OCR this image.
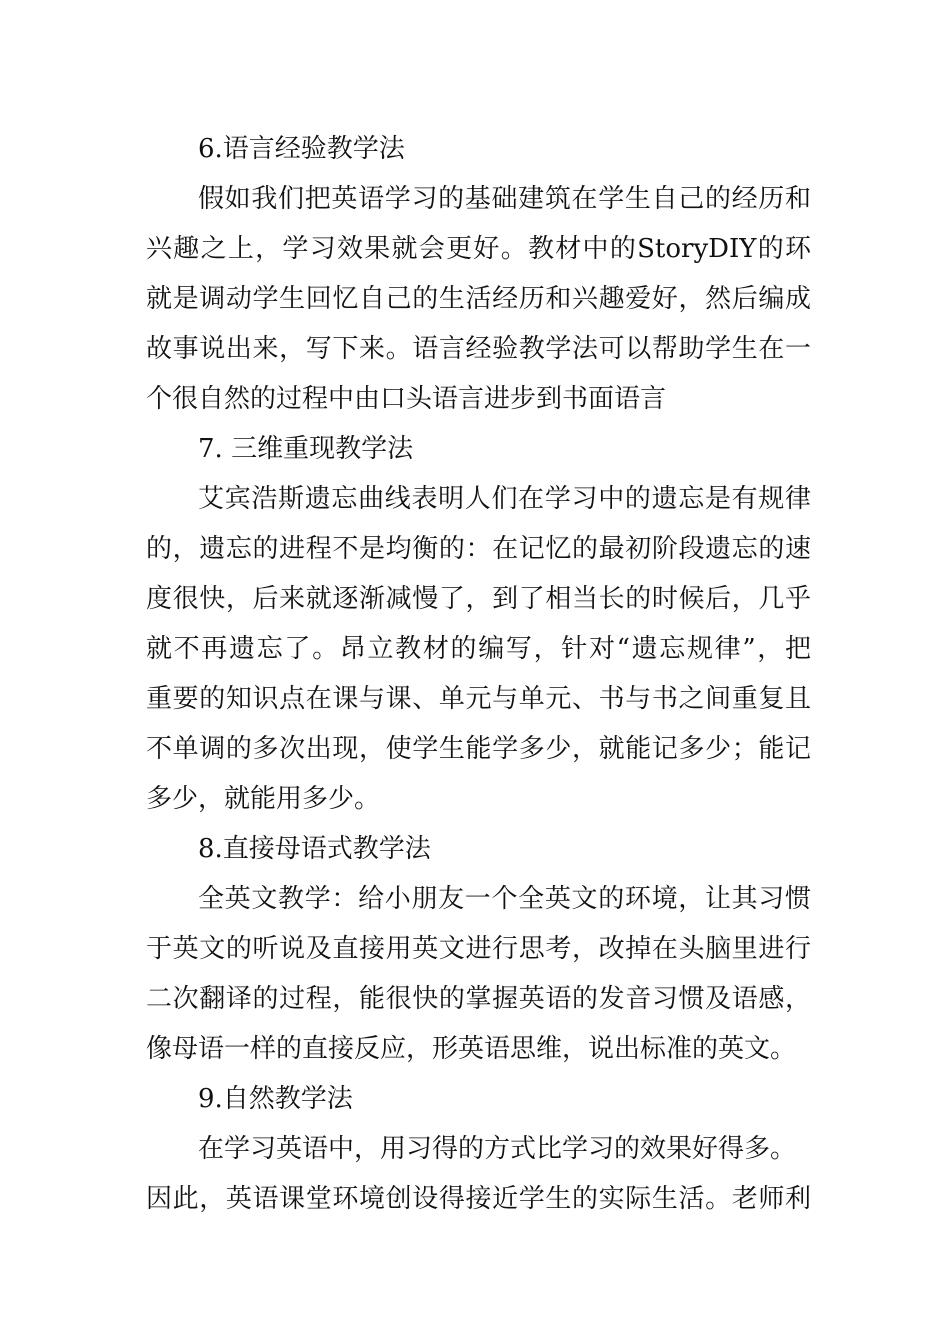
6.语言经验教学法
假如我们把英语学习的基础建筑在学生自己的经历和
兴趣之上，学习效果就会更好。教材中的StoryDIY的环
就是调动学生回忆自己的生活经历和兴趣爱好，然后编成
故事说出来，写下来。语言经验教学法可以帮助学生在一
个很自然的过程中由口头语言进步到书面语言
7. 三维重现教学法
艾宾浩斯遗忘曲线表明人们在学习中的遗忘是有规律
的，遗忘的进程不是均衡的：在记忆的最初阶段遗忘的速
度很快，后来就逐渐减慢了，到了相当长的时候后，几乎
就不再遗忘了。昂立教材的编写，针对“遗忘规律”，把
重要的知识点在课与课、单元与单元、书与书之间重复且
不单调的多次出现，使学生能学多少，就能记多少；能记
多少，就能用多少。
8.直接母语式教学法
全英文教学：给小朋友一个全英文的环境，让其习惯
于英文的听说及直接用英文进行思考，改掉在头脑里进行
二次翻译的过程，能很快的掌握英语的发音习惯及语感，
像母语一样的直接反应，形英语思维，说出标准的英文。
9.自然教学法
在学习英语中，用习得的方式比学习的效果好得多。
因此，英语课堂环境创设得接近学生的实际生活。老师利
